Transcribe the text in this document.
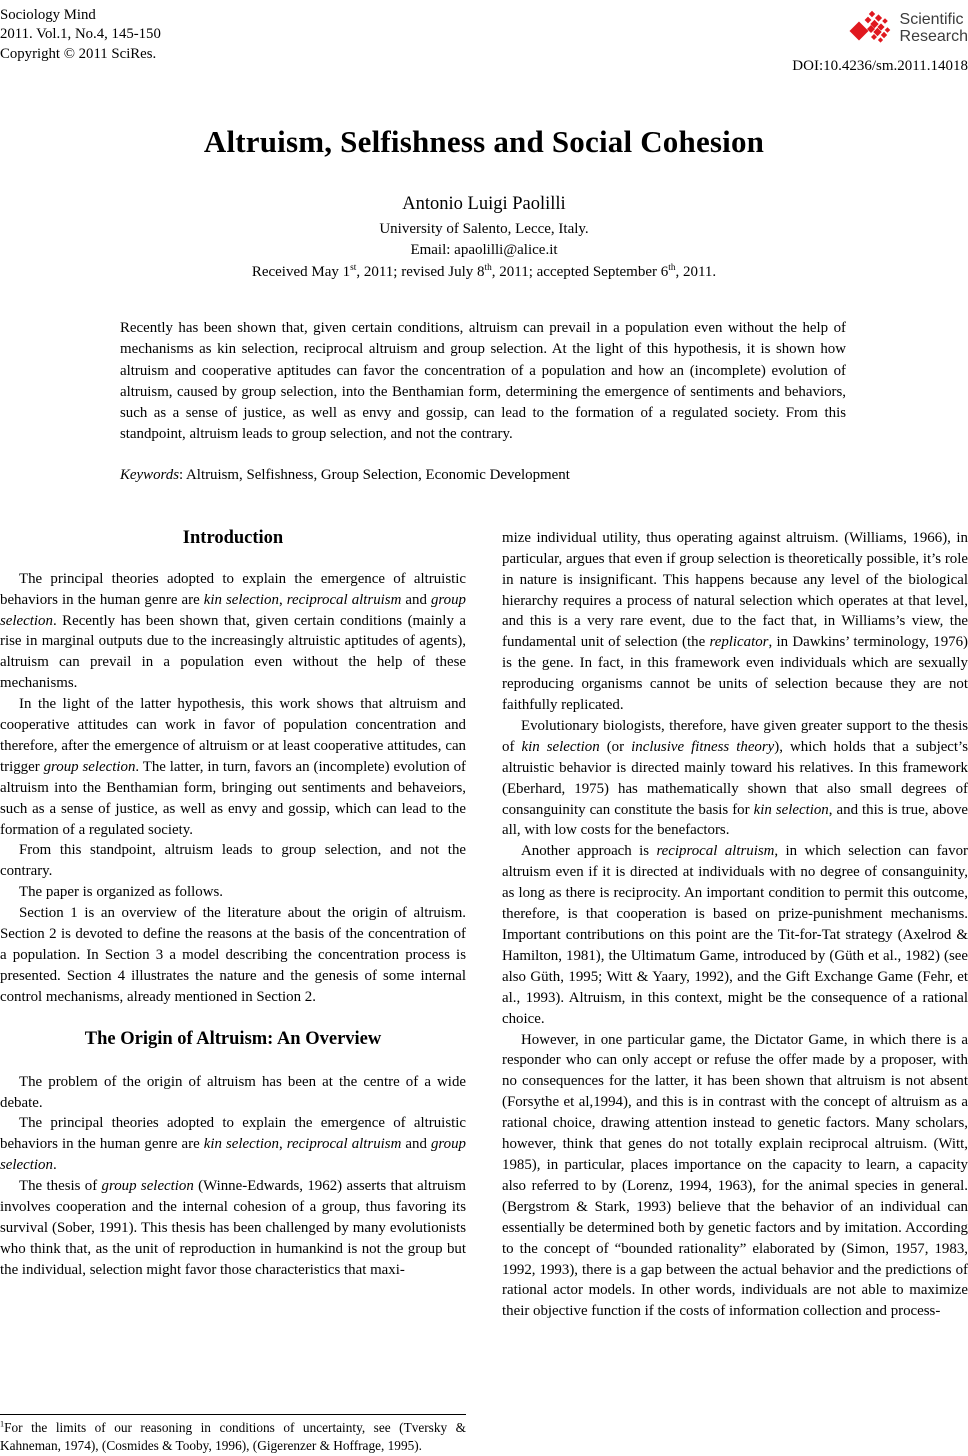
Sociology Mind
2011. Vol.1, No.4, 145-150
Copyright © 2011 SciRes.
Scientific
Research
DOI:10.4236/sm.2011.14018
Altruism, Selfishness and Social Cohesion
Antonio Luigi Paolilli
University of Salento, Lecce, Italy.
Email: apaolilli@alice.it
Received May 1st, 2011; revised July 8th, 2011; accepted September 6th, 2011.
Recently has been shown that, given certain conditions, altruism can prevail in a population even without the help of mechanisms as kin selection, reciprocal altruism and group selection. At the light of this hypothesis, it is shown how altruism and cooperative aptitudes can favor the concentration of a population and how an (incomplete) evolution of altruism, caused by group selection, into the Benthamian form, determining the emergence of sentiments and behaviors, such as a sense of justice, as well as envy and gossip, can lead to the formation of a regulated society. From this standpoint, altruism leads to group selection, and not the contrary.
Keywords: Altruism, Selfishness, Group Selection, Economic Development
Introduction

The principal theories adopted to explain the emergence of altruistic behaviors in the human genre are kin selection, reciprocal altruism and group selection. Recently has been shown that, given certain conditions (mainly a rise in marginal outputs due to the increasingly altruistic aptitudes of agents), altruism can prevail in a population even without the help of these mechanisms.

In the light of the latter hypothesis, this work shows that altruism and cooperative attitudes can work in favor of population concentration and therefore, after the emergence of altruism or at least cooperative attitudes, can trigger group selection. The latter, in turn, favors an (incomplete) evolution of altruism into the Benthamian form, bringing out sentiments and behaveiors, such as a sense of justice, as well as envy and gossip, which can lead to the formation of a regulated society.

From this standpoint, altruism leads to group selection, and not the contrary.

The paper is organized as follows.

Section 1 is an overview of the literature about the origin of altruism. Section 2 is devoted to define the reasons at the basis of the concentration of a population. In Section 3 a model describing the concentration process is presented. Section 4 illustrates the nature and the genesis of some internal control mechanisms, already mentioned in Section 2.

The Origin of Altruism: An Overview

The problem of the origin of altruism has been at the centre of a wide debate.

The principal theories adopted to explain the emergence of altruistic behaviors in the human genre are kin selection, reciprocal altruism and group selection.

The thesis of group selection (Winne-Edwards, 1962) asserts that altruism involves cooperation and the internal cohesion of a group, thus favoring its survival (Sober, 1991). This thesis has been challenged by many evolutionists who think that, as the unit of reproduction in humankind is not the group but the individual, selection might favor those characteristics that maxi-

$^1$For the limits of our reasoning in conditions of uncertainty, see (Tversky & Kahneman, 1974), (Cosmides & Tooby, 1996), (Gigerenzer & Hoffrage, 1995).

mize individual utility, thus operating against altruism. (Williams, 1966), in particular, argues that even if group selection is theoretically possible, it’s role in nature is insignificant. This happens because any level of the biological hierarchy requires a process of natural selection which operates at that level, and this is a very rare event, due to the fact that, in Williams’s view, the fundamental unit of selection (the replicator, in Dawkins’ terminology, 1976) is the gene. In fact, in this framework even individuals which are sexually reproducing organisms cannot be units of selection because they are not faithfully replicated.

Evolutionary biologists, therefore, have given greater support to the thesis of kin selection (or inclusive fitness theory), which holds that a subject’s altruistic behavior is directed mainly toward his relatives. In this framework (Eberhard, 1975) has mathematically shown that also small degrees of consanguinity can constitute the basis for kin selection, and this is true, above all, with low costs for the benefactors.

Another approach is reciprocal altruism, in which selection can favor altruism even if it is directed at individuals with no degree of consanguinity, as long as there is reciprocity. An important condition to permit this outcome, therefore, is that cooperation is based on prize-punishment mechanisms. Important contributions on this point are the Tit-for-Tat strategy (Axelrod & Hamilton, 1981), the Ultimatum Game, introduced by (Güth et al., 1982) (see also Güth, 1995; Witt & Yaary, 1992), and the Gift Exchange Game (Fehr, et al., 1993). Altruism, in this context, might be the consequence of a rational choice.

However, in one particular game, the Dictator Game, in which there is a responder who can only accept or refuse the offer made by a proposer, with no consequences for the latter, it has been shown that altruism is not absent (Forsythe et al,1994), and this is in contrast with the concept of altruism as a rational choice, drawing attention instead to genetic factors. Many scholars, however, think that genes do not totally explain reciprocal altruism. (Witt, 1985), in particular, places importance on the capacity to learn, a capacity also referred to by (Lorenz, 1994, 1963), for the animal species in general. (Bergstrom & Stark, 1993) believe that the behavior of an individual can essentially be determined both by genetic factors and by imitation. According to the concept of “bounded rationality” elaborated by (Simon, 1957, 1983, 1992, 1993), there is a gap between the actual behavior and the predictions of rational actor models. In other words, individuals are not able to maximize their objective function if the costs of information collection and process-
